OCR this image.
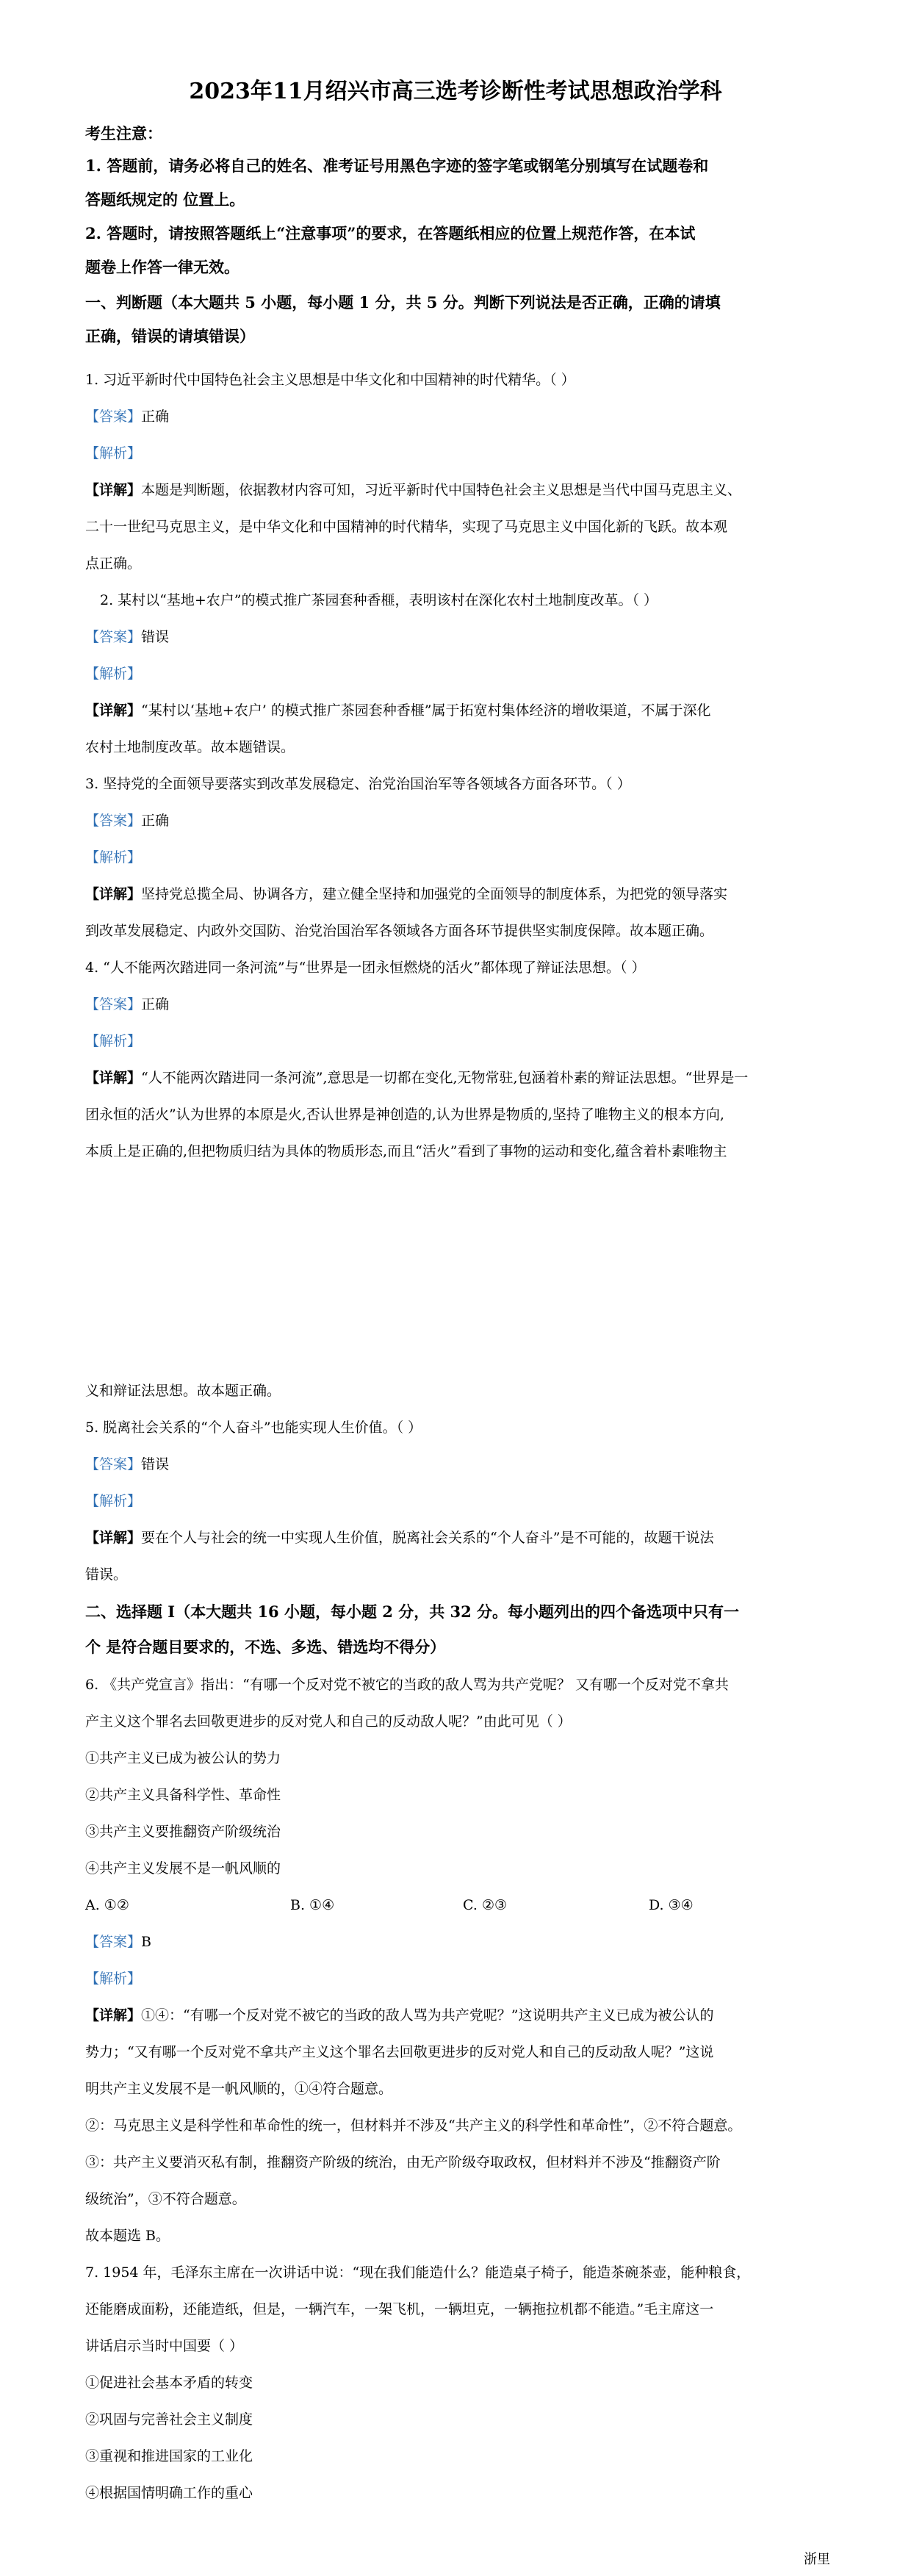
2023年11月绍兴市高三选考诊断性考试思想政治学科
考生注意：
1. 答题前，请务必将自己的姓名、准考证号用黑色字迹的签字笔或钢笔分别填写在试题卷和
答题纸规定的 位置上。
2. 答题时，请按照答题纸上“注意事项”的要求，在答题纸相应的位置上规范作答，在本试
题卷上作答一律无效。
一、判断题（本大题共 5 小题，每小题 1 分，共 5 分。判断下列说法是否正确，正确的请填
正确，错误的请填错误）
1. 习近平新时代中国特色社会主义思想是中华文化和中国精神的时代精华。（ ）
【答案】正确
【解析】
【详解】本题是判断题，依据教材内容可知，习近平新时代中国特色社会主义思想是当代中国马克思主义、
二十一世纪马克思主义，是中华文化和中国精神的时代精华，实现了马克思主义中国化新的飞跃。故本观
点正确。
2. 某村以“基地+农户”的模式推广茶园套种香榧，表明该村在深化农村土地制度改革。（ ）
【答案】错误
【解析】
【详解】“某村以‘基地+农户’ 的模式推广茶园套种香榧”属于拓宽村集体经济的增收渠道，不属于深化
农村土地制度改革。故本题错误。
3. 坚持党的全面领导要落实到改革发展稳定、治党治国治军等各领域各方面各环节。（ ）
【答案】正确
【解析】
【详解】坚持党总揽全局、协调各方，建立健全坚持和加强党的全面领导的制度体系，为把党的领导落实
到改革发展稳定、内政外交国防、治党治国治军各领域各方面各环节提供坚实制度保障。故本题正确。
4. “人不能两次踏进同一条河流”与“世界是一团永恒燃烧的活火”都体现了辩证法思想。（ ）
【答案】正确
【解析】
【详解】“人不能两次踏进同一条河流”,意思是一切都在变化,无物常驻,包涵着朴素的辩证法思想。“世界是一
团永恒的活火”认为世界的本原是火,否认世界是神创造的,认为世界是物质的,坚持了唯物主义的根本方向,
本质上是正确的,但把物质归结为具体的物质形态,而且“活火”看到了事物的运动和变化,蕴含着朴素唯物主
义和辩证法思想。故本题正确。
5. 脱离社会关系的“个人奋斗”也能实现人生价值。（ ）
【答案】错误
【解析】
【详解】要在个人与社会的统一中实现人生价值，脱离社会关系的“个人奋斗”是不可能的，故题干说法
错误。
二、选择题 I（本大题共 16 小题，每小题 2 分，共 32 分。每小题列出的四个备选项中只有一
个 是符合题目要求的，不选、多选、错选均不得分）
6. 《共产党宣言》指出：“有哪一个反对党不被它的当政的敌人骂为共产党呢？ 又有哪一个反对党不拿共
产主义这个罪名去回敬更进步的反对党人和自己的反动敌人呢？”由此可见（ ）
①共产主义已成为被公认的势力
②共产主义具备科学性、革命性
③共产主义要推翻资产阶级统治
④共产主义发展不是一帆风顺的
A. ①②	B. ①④	C. ②③	D. ③④
【答案】B
【解析】
【详解】①④：“有哪一个反对党不被它的当政的敌人骂为共产党呢？”这说明共产主义已成为被公认的
势力；“又有哪一个反对党不拿共产主义这个罪名去回敬更进步的反对党人和自己的反动敌人呢？”这说
明共产主义发展不是一帆风顺的，①④符合题意。
②：马克思主义是科学性和革命性的统一，但材料并不涉及“共产主义的科学性和革命性”，②不符合题意。
③：共产主义要消灭私有制，推翻资产阶级的统治，由无产阶级夺取政权，但材料并不涉及“推翻资产阶
级统治”，③不符合题意。
故本题选 B。
7. 1954 年，毛泽东主席在一次讲话中说：“现在我们能造什么？能造桌子椅子，能造茶碗茶壶，能种粮食，
还能磨成面粉，还能造纸，但是，一辆汽车，一架飞机，一辆坦克，一辆拖拉机都不能造。”毛主席这一
讲话启示当时中国要（ ）
①促进社会基本矛盾的转变
②巩固与完善社会主义制度
③重视和推进国家的工业化
④根据国情明确工作的重心
浙里
